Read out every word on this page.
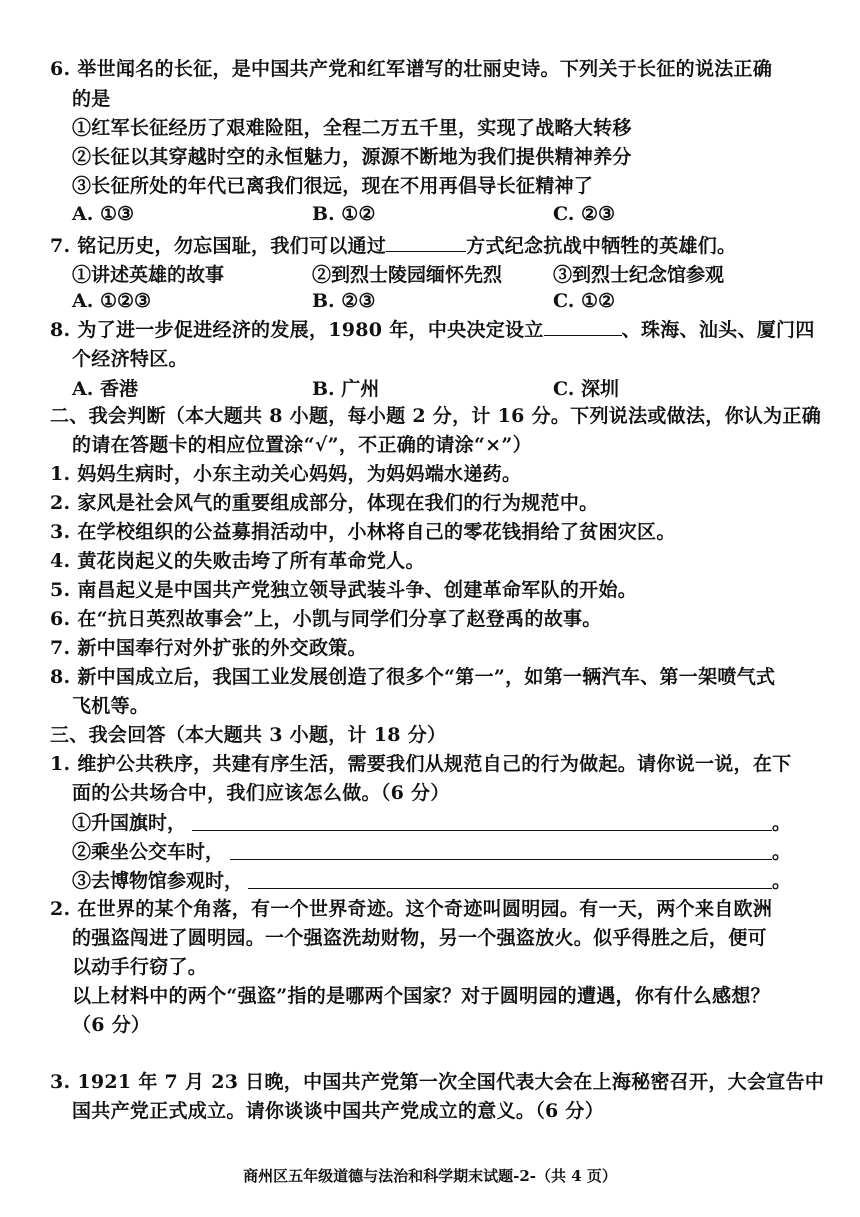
6. 举世闻名的长征，是中国共产党和红军谱写的壮丽史诗。下列关于长征的说法正确
的是
①红军长征经历了艰难险阻，全程二万五千里，实现了战略大转移
②长征以其穿越时空的永恒魅力，源源不断地为我们提供精神养分
③长征所处的年代已离我们很远，现在不用再倡导长征精神了
A. ①③	B. ①②	C. ②③
7. 铭记历史，勿忘国耻，我们可以通过	方式纪念抗战中牺牲的英雄们。
①讲述英雄的故事	②到烈士陵园缅怀先烈	③到烈士纪念馆参观
A. ①②③	B. ②③	C. ①②
8. 为了进一步促进经济的发展，1980 年，中央决定设立	、珠海、汕头、厦门四
个经济特区。
A. 香港	B. 广州	C. 深圳
二、我会判断（本大题共 8 小题，每小题 2 分，计 16 分。下列说法或做法，你认为正确
的请在答题卡的相应位置涂“√”，不正确的请涂“×”）
1. 妈妈生病时，小东主动关心妈妈，为妈妈端水递药。
2. 家风是社会风气的重要组成部分，体现在我们的行为规范中。
3. 在学校组织的公益募捐活动中，小林将自己的零花钱捐给了贫困灾区。
4. 黄花岗起义的失败击垮了所有革命党人。
5. 南昌起义是中国共产党独立领导武装斗争、创建革命军队的开始。
6. 在“抗日英烈故事会”上，小凯与同学们分享了赵登禹的故事。
7. 新中国奉行对外扩张的外交政策。
8. 新中国成立后，我国工业发展创造了很多个“第一”，如第一辆汽车、第一架喷气式
飞机等。
三、我会回答（本大题共 3 小题，计 18 分）
1. 维护公共秩序，共建有序生活，需要我们从规范自己的行为做起。请你说一说，在下
面的公共场合中，我们应该怎么做。（6 分）
①升国旗时，	。
②乘坐公交车时，	。
③去博物馆参观时，	。
2. 在世界的某个角落，有一个世界奇迹。这个奇迹叫圆明园。有一天，两个来自欧洲
的强盗闯进了圆明园。一个强盗洗劫财物，另一个强盗放火。似乎得胜之后，便可
以动手行窃了。
以上材料中的两个“强盗”指的是哪两个国家？对于圆明园的遭遇，你有什么感想？
（6 分）
3. 1921 年 7 月 23 日晚，中国共产党第一次全国代表大会在上海秘密召开，大会宣告中
国共产党正式成立。请你谈谈中国共产党成立的意义。（6 分）
商州区五年级道德与法治和科学期末试题-2-（共 4 页）
